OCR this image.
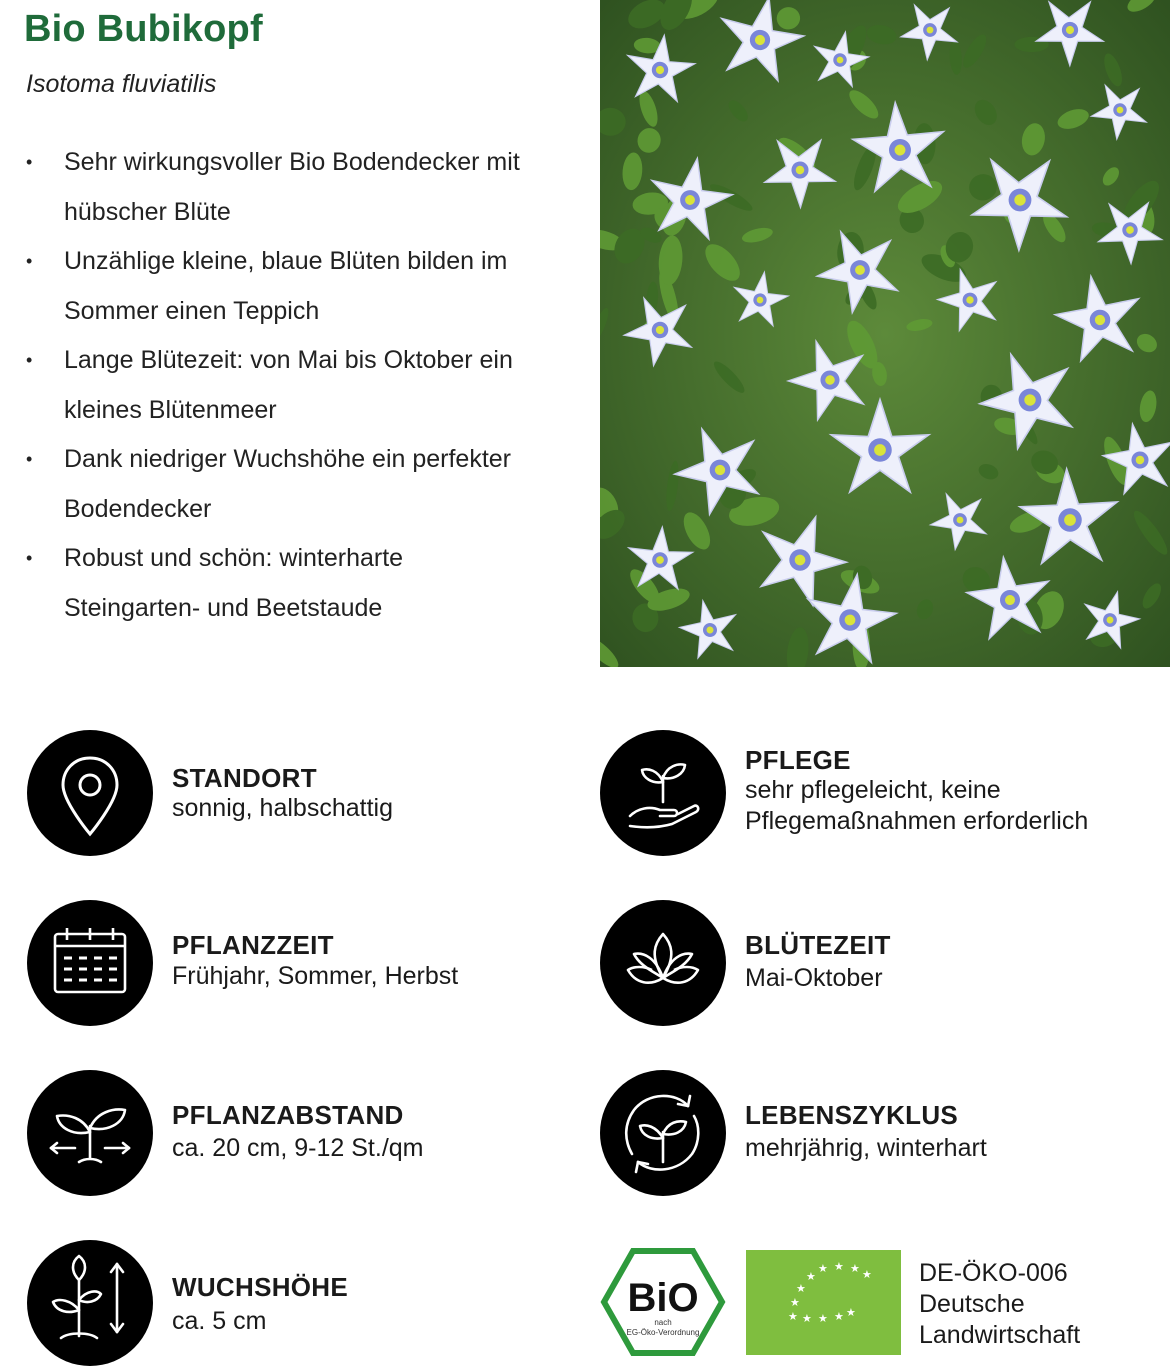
Bio Bubikopf
Isotoma fluviatilis
• Sehr wirkungsvoller Bio Bodendecker mit
hübscher Blüte
• Unzählige kleine, blaue Blüten bilden im
Sommer einen Teppich
• Lange Blütezeit: von Mai bis Oktober ein
kleines Blütenmeer
• Dank niedriger Wuchshöhe ein perfekter
Bodendecker
• Robust und schön: winterharte
Steingarten- und Beetstaude
STANDORT
sonnig, halbschattig
PFLEGE
sehr pflegeleicht, keine
Pflegemaßnahmen erforderlich
PFLANZZEIT
Frühjahr, Sommer, Herbst
BLÜTEZEIT
Mai-Oktober
PFLANZABSTAND
ca. 20 cm, 9-12 St./qm
LEBENSZYKLUS
mehrjährig, winterhart
WUCHSHÖHE
ca. 5 cm
BiO
nach
EG-Öko-Verordnung
★ ★ ★ ★
★
★
★
★ ★ ★ ★ ★
DE-ÖKO-006
Deutsche
Landwirtschaft
